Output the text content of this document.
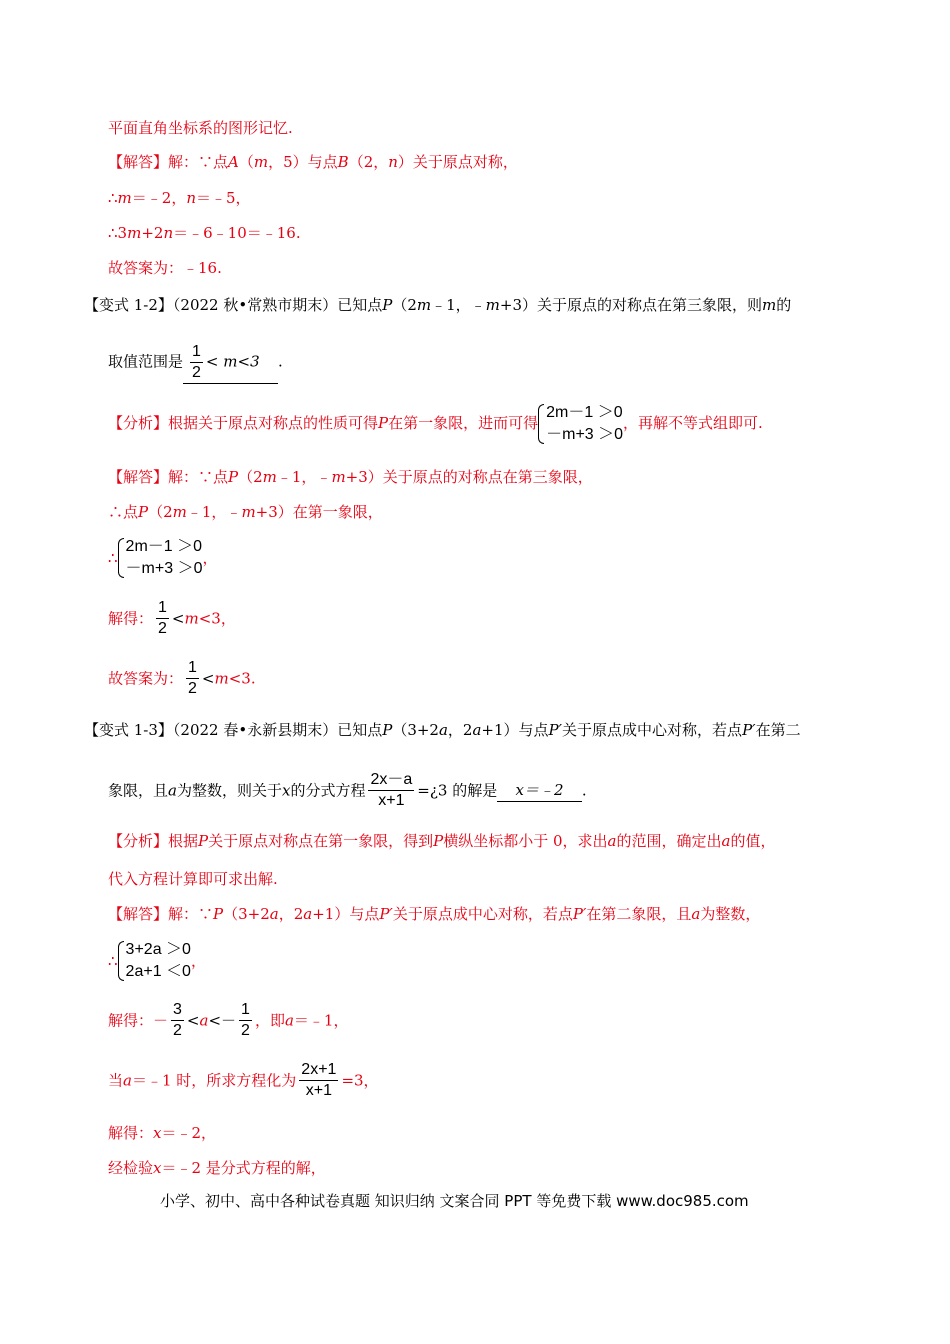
平面直角坐标系的图形记忆.
【解答】解：∵点A（m，5）与点B（2，n）关于原点对称，
∴m＝﹣2，n＝﹣5，
∴3m+2n＝﹣6﹣10＝﹣16.
故答案为：﹣16.
【变式 1-2】（2022 秋•常熟市期末）已知点P（2m﹣1，﹣m+3）关于原点的对称点在第三象限，则m的
取值范围是 $\frac{1}{2} < m<3$ .
【分析】根据关于原点对称点的性质可得P在第一象限，进而可得
2m－1 ＞0
－m+3 ＞0
，再解不等式组即可.
【解答】解：∵点P（2m﹣1，﹣m+3）关于原点的对称点在第三象限，
∴点P（2m﹣1，﹣m+3）在第一象限，
∴
2m－1 ＞0
－m+3 ＞0
，
解得： $\frac{1}{2} <m<3$，
故答案为： $\frac{1}{2} <m<3$.
【变式 1-3】（2022 春•永新县期末）已知点P（3+2a，2a+1）与点P′关于原点成中心对称，若点P′在第二
象限，且a为整数，则关于x的分式方程 $\frac{2x-a}{x+1}$ =¿3 的解是 x＝﹣2 .
【分析】根据P关于原点对称点在第一象限，得到P横纵坐标都小于 0，求出a的范围，确定出a的值，
代入方程计算即可求出解.
【解答】解：∵P（3+2a，2a+1）与点P′关于原点成中心对称，若点P′在第二象限，且a为整数，
∴
3+2a ＞0
2a+1 ＜0
，
解得：－ $\frac{3}{2} <a<- \frac{1}{2}$ ，即a＝﹣1，
当a＝﹣1 时，所求方程化为 $\frac{2x+1}{x+1} =3$，
解得：x＝﹣2，
经检验x＝﹣2 是分式方程的解，
小学、初中、高中各种试卷真题 知识归纳 文案合同 PPT 等免费下载 www.doc985.com
